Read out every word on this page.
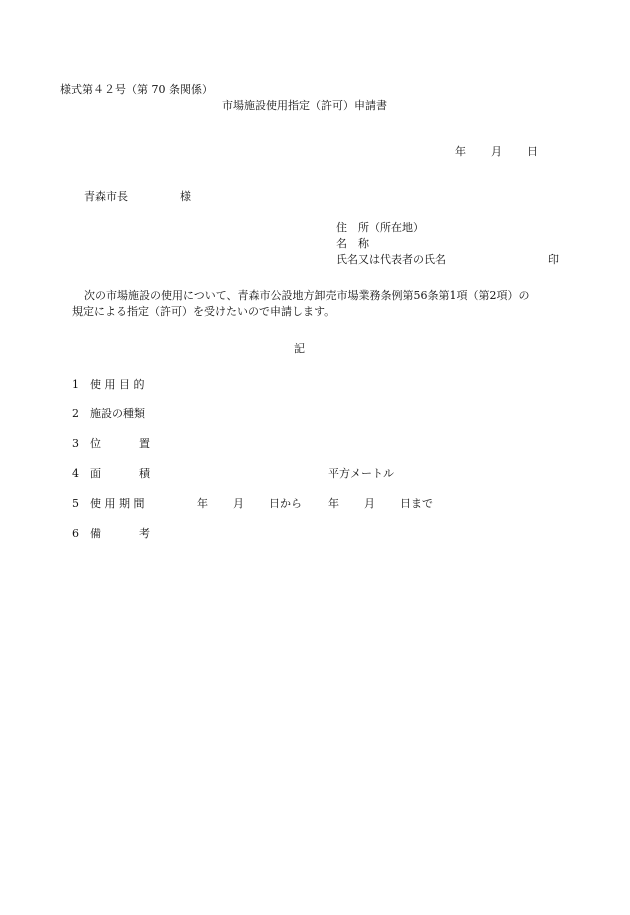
様式第４２号（第 70 条関係）
市場施設使用指定（許可）申請書
年 月 日
青森市長	様
住　所（所在地）
名　称
氏名又は代表者の氏名	印
次の市場施設の使用について、青森市公設地方卸売市場業務条例第56条第1項（第2項）の
規定による指定（許可）を受けたいので申請します。
記
1 使 用 目 的
2 施設の種類
3 位	置
4 面	積	平方メートル
5 使 用 期 間	年 月 日から 年 月 日まで
6 備	考
